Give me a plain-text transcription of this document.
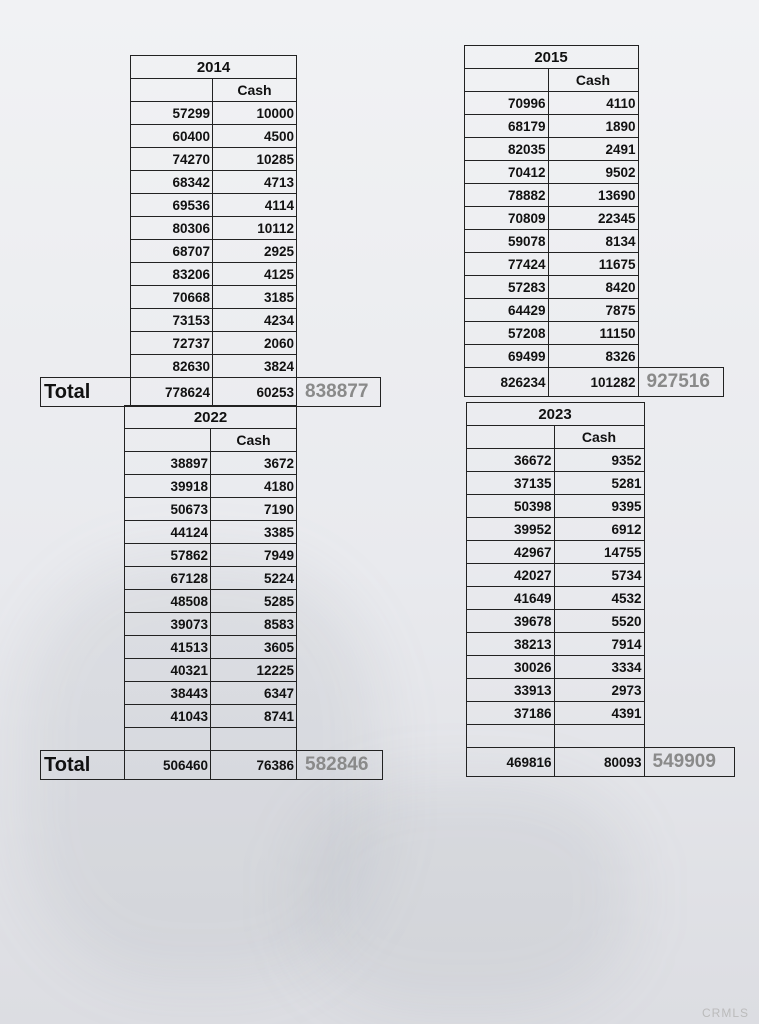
	2014		
		Cash	
	57299	10000	
	60400	4500	
	74270	10285	
	68342	4713	
	69536	4114	
	80306	10112	
	68707	2925	
	83206	4125	
	70668	3185	
	73153	4234	
	72737	2060	
	82630	3824	
Total	778624	60253	838877
	2015		
		Cash	
	70996	4110	
	68179	1890	
	82035	2491	
	70412	9502	
	78882	13690	
	70809	22345	
	59078	8134	
	77424	11675	
	57283	8420	
	64429	7875	
	57208	11150	
	69499	8326	
	826234	101282	927516
	2022		
		Cash	
	38897	3672	
	39918	4180	
	50673	7190	
	44124	3385	
	57862	7949	
	67128	5224	
	48508	5285	
	39073	8583	
	41513	3605	
	40321	12225	
	38443	6347	
	41043	8741	

Total	506460	76386	582846
	2023		
		Cash	
	36672	9352	
	37135	5281	
	50398	9395	
	39952	6912	
	42967	14755	
	42027	5734	
	41649	4532	
	39678	5520	
	38213	7914	
	30026	3334	
	33913	2973	
	37186	4391	

	469816	80093	549909
CRMLS
